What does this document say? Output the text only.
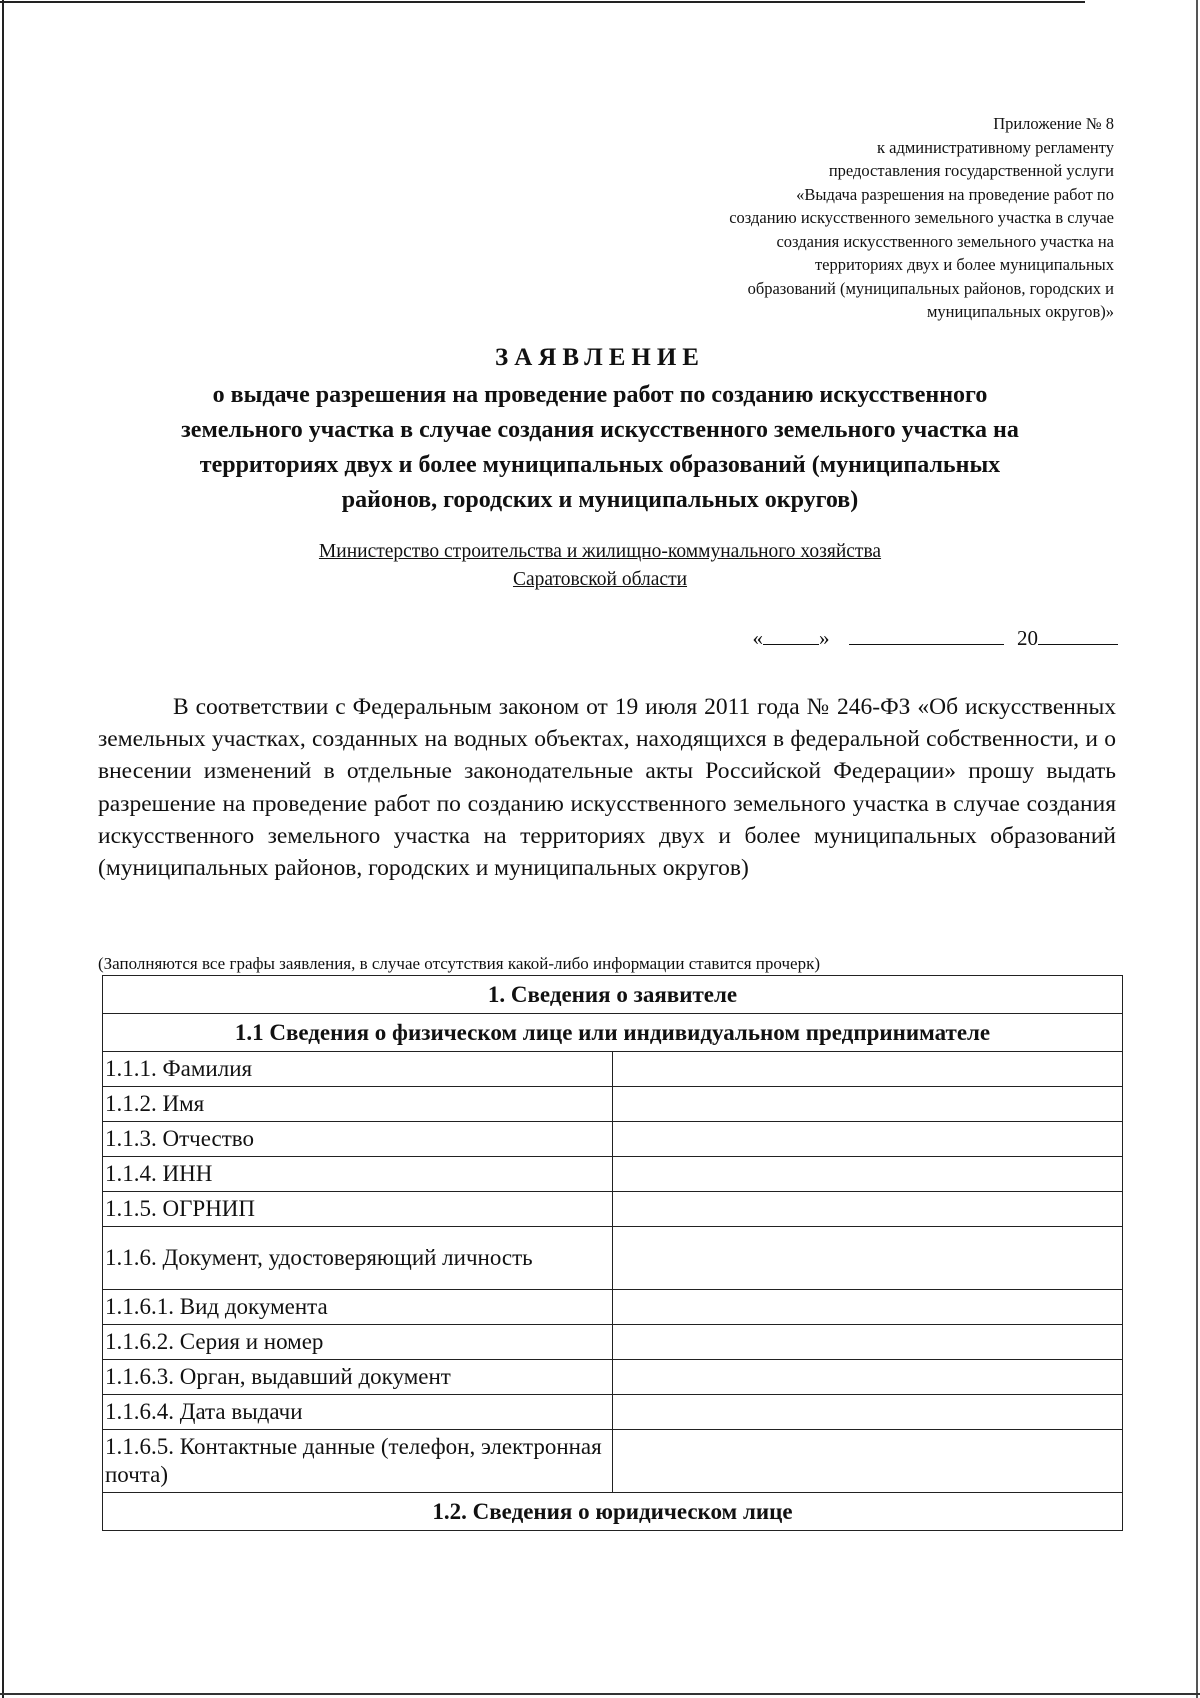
Приложение № 8
к административному регламенту
предоставления государственной услуги
«Выдача разрешения на проведение работ по
созданию искусственного земельного участка в случае
создания искусственного земельного участка на
территориях двух и более муниципальных
образований (муниципальных районов, городских и
муниципальных округов)»
ЗАЯВЛЕНИЕ
о выдаче разрешения на проведение работ по созданию искусственного
земельного участка в случае создания искусственного земельного участка на
территориях двух и более муниципальных образований (муниципальных
районов, городских и муниципальных округов)
Министерство строительства и жилищно-коммунального хозяйства
Саратовской области
«	»	20
В соответствии с Федеральным законом от 19 июля 2011 года № 246-ФЗ «Об искусственных земельных участках, созданных на водных объектах, находящихся в федеральной собственности, и о внесении изменений в отдельные законодательные акты Российской Федерации» прошу выдать разрешение на проведение работ по созданию искусственного земельного участка в случае создания искусственного земельного участка на территориях двух и более муниципальных образований (муниципальных районов, городских и муниципальных округов)
(Заполняются все графы заявления, в случае отсутствия какой-либо информации ставится прочерк)
1. Сведения о заявителе	
1.1 Сведения о физическом лице или индивидуальном предпринимателе	
1.1.1. Фамилия	
1.1.2. Имя	
1.1.3. Отчество	
1.1.4. ИНН	
1.1.5. ОГРНИП	
1.1.6. Документ, удостоверяющий личность	
1.1.6.1. Вид документа	
1.1.6.2. Серия и номер	
1.1.6.3. Орган, выдавший документ	
1.1.6.4. Дата выдачи	
1.1.6.5. Контактные данные (телефон, электронная почта)	
1.2. Сведения о юридическом лице	
